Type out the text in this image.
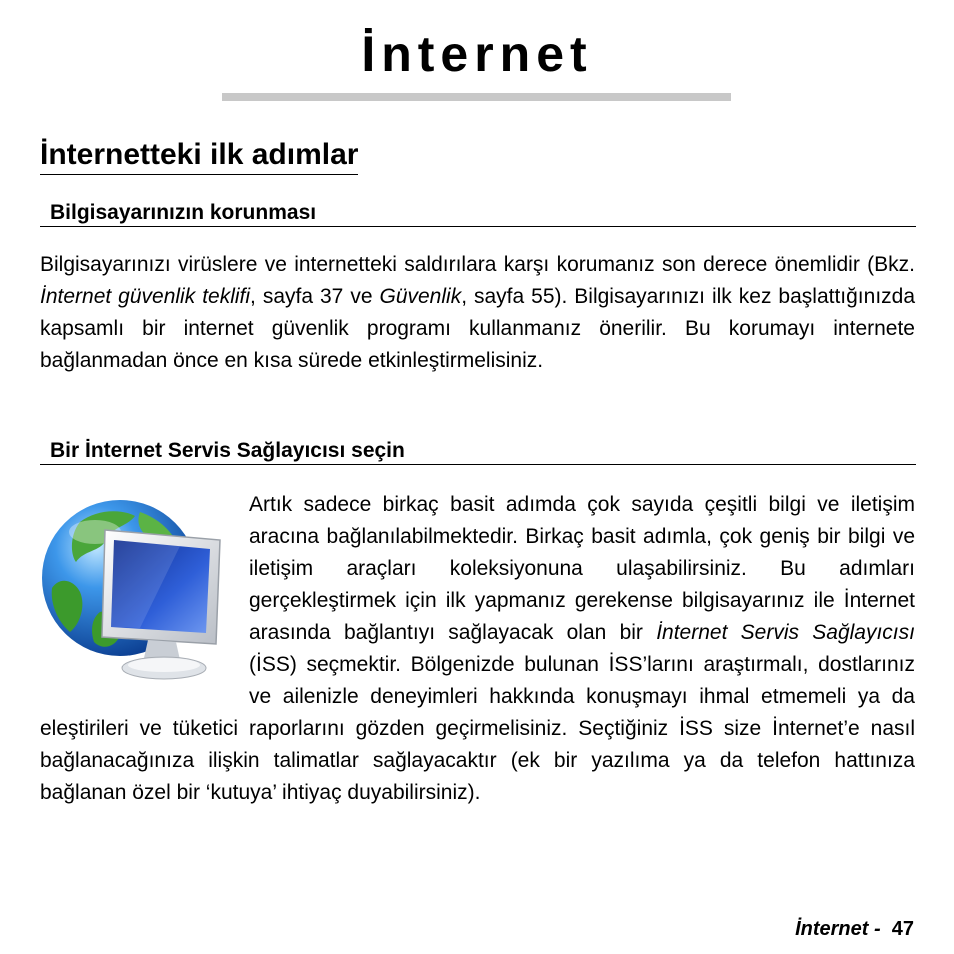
İnternet
İnternetteki ilk adımlar
Bilgisayarınızın korunması
Bilgisayarınızı virüslere ve internetteki saldırılara karşı korumanız son derece önemlidir (Bkz. İnternet güvenlik teklifi, sayfa 37 ve Güvenlik, sayfa 55). Bilgisayarınızı ilk kez başlattığınızda kapsamlı bir internet güvenlik programı kullanmanız önerilir. Bu korumayı internete bağlanmadan önce en kısa sürede etkinleştirmelisiniz.
Bir İnternet Servis Sağlayıcısı seçin
Artık sadece birkaç basit adımda çok sayıda çeşitli bilgi ve iletişim aracına bağlanılabilmektedir. Birkaç basit adımla, çok geniş bir bilgi ve iletişim araçları koleksiyonuna ulaşabilirsiniz. Bu adımları gerçekleştirmek için ilk yapmanız gerekense bilgisayarınız ile İnternet arasında bağlantıyı sağlayacak olan bir İnternet Servis Sağlayıcısı (İSS) seçmektir. Bölgenizde bulunan İSS’larını araştırmalı, dostlarınız ve ailenizle deneyimleri hakkında konuşmayı ihmal etmemeli ya da eleştirileri ve tüketici raporlarını gözden geçirmelisiniz. Seçtiğiniz İSS size İnternet’e nasıl bağlanacağınıza ilişkin talimatlar sağlayacaktır (ek bir yazılıma ya da telefon hattınıza bağlanan özel bir ‘kutuya’ ihtiyaç duyabilirsiniz).
İnternet - 47
